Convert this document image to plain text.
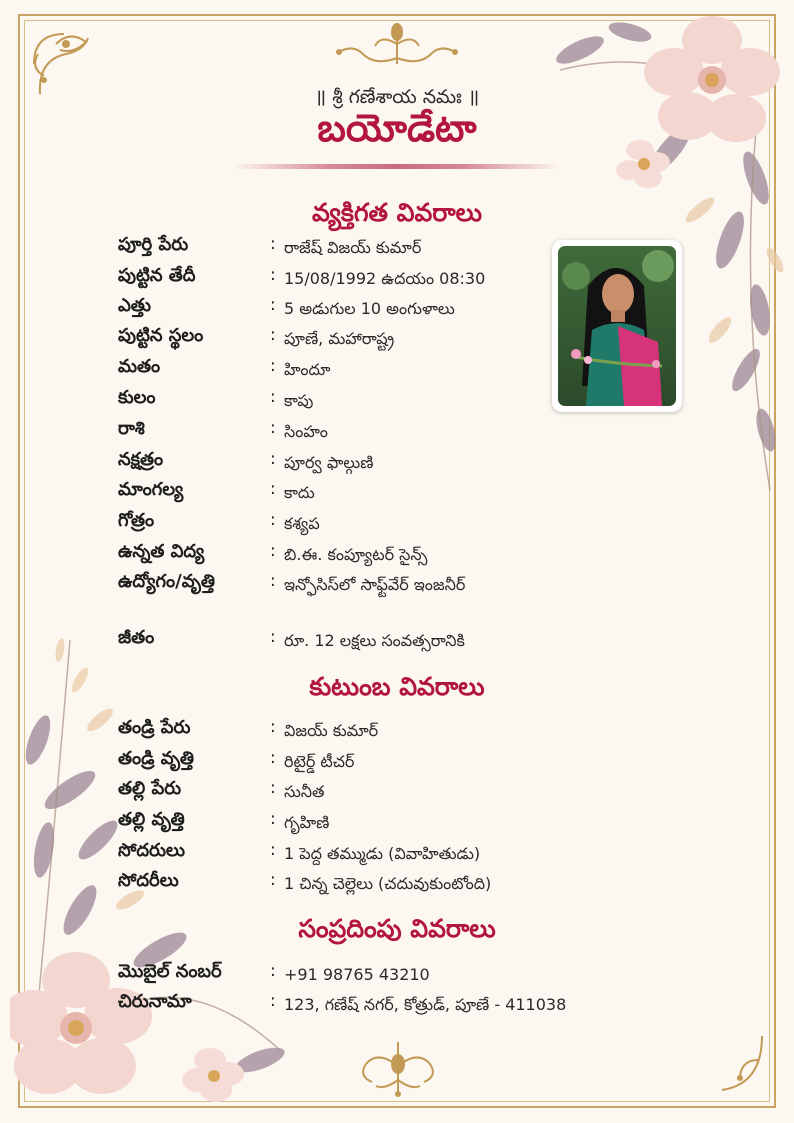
॥ శ్రీ గణేశాయ నమః ॥
బయోడేటా
వ్యక్తిగత వివరాలు
పూర్తి పేరు	: రాజేష్ విజయ్ కుమార్
పుట్టిన తేదీ	: 15/08/1992 ఉదయం 08:30
ఎత్తు	: 5 అడుగుల 10 అంగుళాలు
పుట్టిన స్థలం	: పూణే, మహారాష్ట్ర
మతం	: హిందూ
కులం	: కాపు
రాశి	: సింహం
నక్షత్రం	: పూర్వ ఫాల్గుణి
మాంగల్య	: కాదు
గోత్రం	: కశ్యప
ఉన్నత విద్య	: బి.ఈ. కంప్యూటర్ సైన్స్
ఉద్యోగం/వృత్తి	: ఇన్ఫోసిస్‌లో సాఫ్ట్‌వేర్ ఇంజనీర్
జీతం	: రూ. 12 లక్షలు సంవత్సరానికి
కుటుంబ వివరాలు
తండ్రి పేరు	: విజయ్ కుమార్
తండ్రి వృత్తి	: రిటైర్డ్ టీచర్
తల్లి పేరు	: సునీత
తల్లి వృత్తి	: గృహిణి
సోదరులు	: 1 పెద్ద తమ్ముడు (వివాహితుడు)
సోదరీలు	: 1 చిన్న చెల్లెలు (చదువుకుంటోంది)
సంప్రదింపు వివరాలు
మొబైల్ నంబర్	: +91 98765 43210
చిరునామా	: 123, గణేష్ నగర్, కోత్రుడ్, పూణే - 411038
